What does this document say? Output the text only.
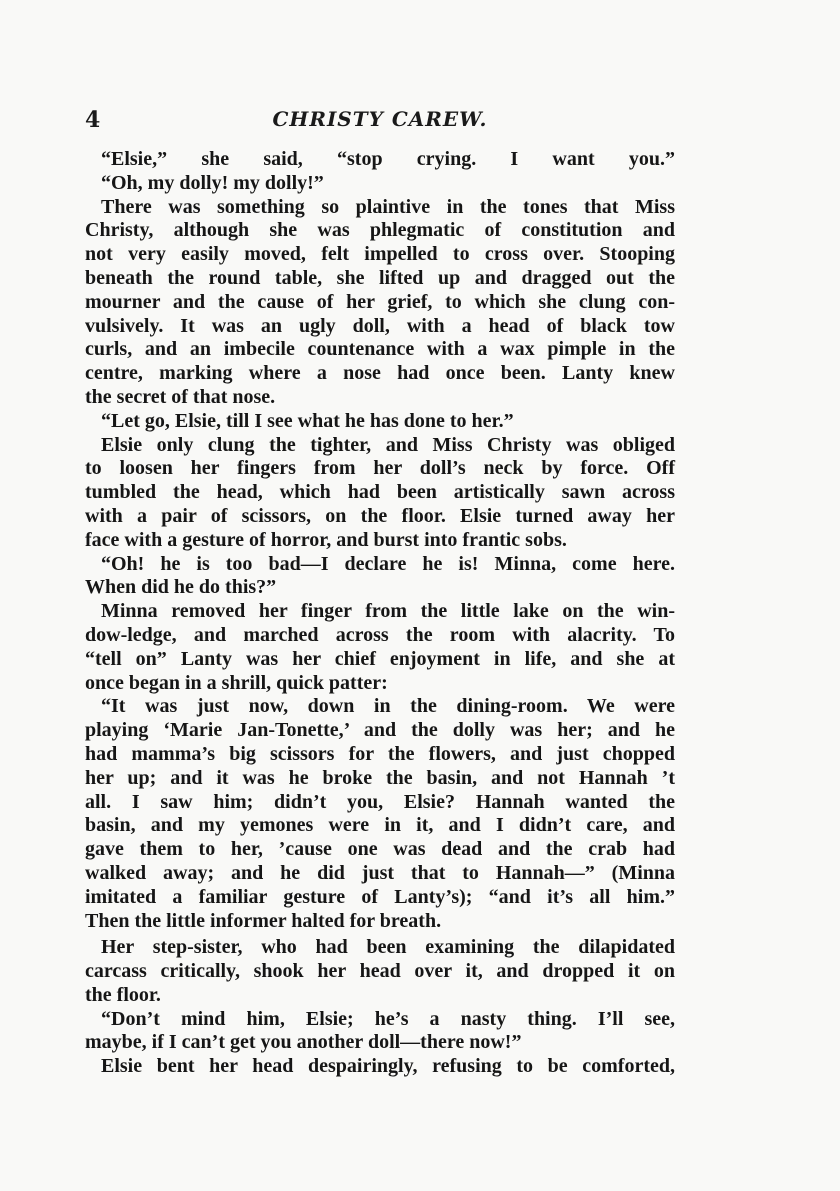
4	CHRISTY CAREW.
“Elsie,” she said, “stop crying. I want you.”
“Oh, my dolly! my dolly!”
There was something so plaintive in the tones that Miss
Christy, although she was phlegmatic of constitution and
not very easily moved, felt impelled to cross over. Stooping
beneath the round table, she lifted up and dragged out the
mourner and the cause of her grief, to which she clung con-
vulsively. It was an ugly doll, with a head of black tow
curls, and an imbecile countenance with a wax pimple in the
centre, marking where a nose had once been. Lanty knew
the secret of that nose.
“Let go, Elsie, till I see what he has done to her.”
Elsie only clung the tighter, and Miss Christy was obliged
to loosen her fingers from her doll’s neck by force. Off
tumbled the head, which had been artistically sawn across
with a pair of scissors, on the floor. Elsie turned away her
face with a gesture of horror, and burst into frantic sobs.
“Oh! he is too bad—I declare he is! Minna, come here.
When did he do this?”
Minna removed her finger from the little lake on the win-
dow-ledge, and marched across the room with alacrity. To
“tell on” Lanty was her chief enjoyment in life, and she at
once began in a shrill, quick patter:
“It was just now, down in the dining-room. We were
playing ‘Marie Jan-Tonette,’ and the dolly was her; and he
had mamma’s big scissors for the flowers, and just chopped
her up; and it was he broke the basin, and not Hannah ’t
all. I saw him; didn’t you, Elsie? Hannah wanted the
basin, and my yemones were in it, and I didn’t care, and
gave them to her, ’cause one was dead and the crab had
walked away; and he did just that to Hannah—” (Minna
imitated a familiar gesture of Lanty’s); “and it’s all him.”
Then the little informer halted for breath.
Her step-sister, who had been examining the dilapidated
carcass critically, shook her head over it, and dropped it on
the floor.
“Don’t mind him, Elsie; he’s a nasty thing. I’ll see,
maybe, if I can’t get you another doll—there now!”
Elsie bent her head despairingly, refusing to be comforted,
